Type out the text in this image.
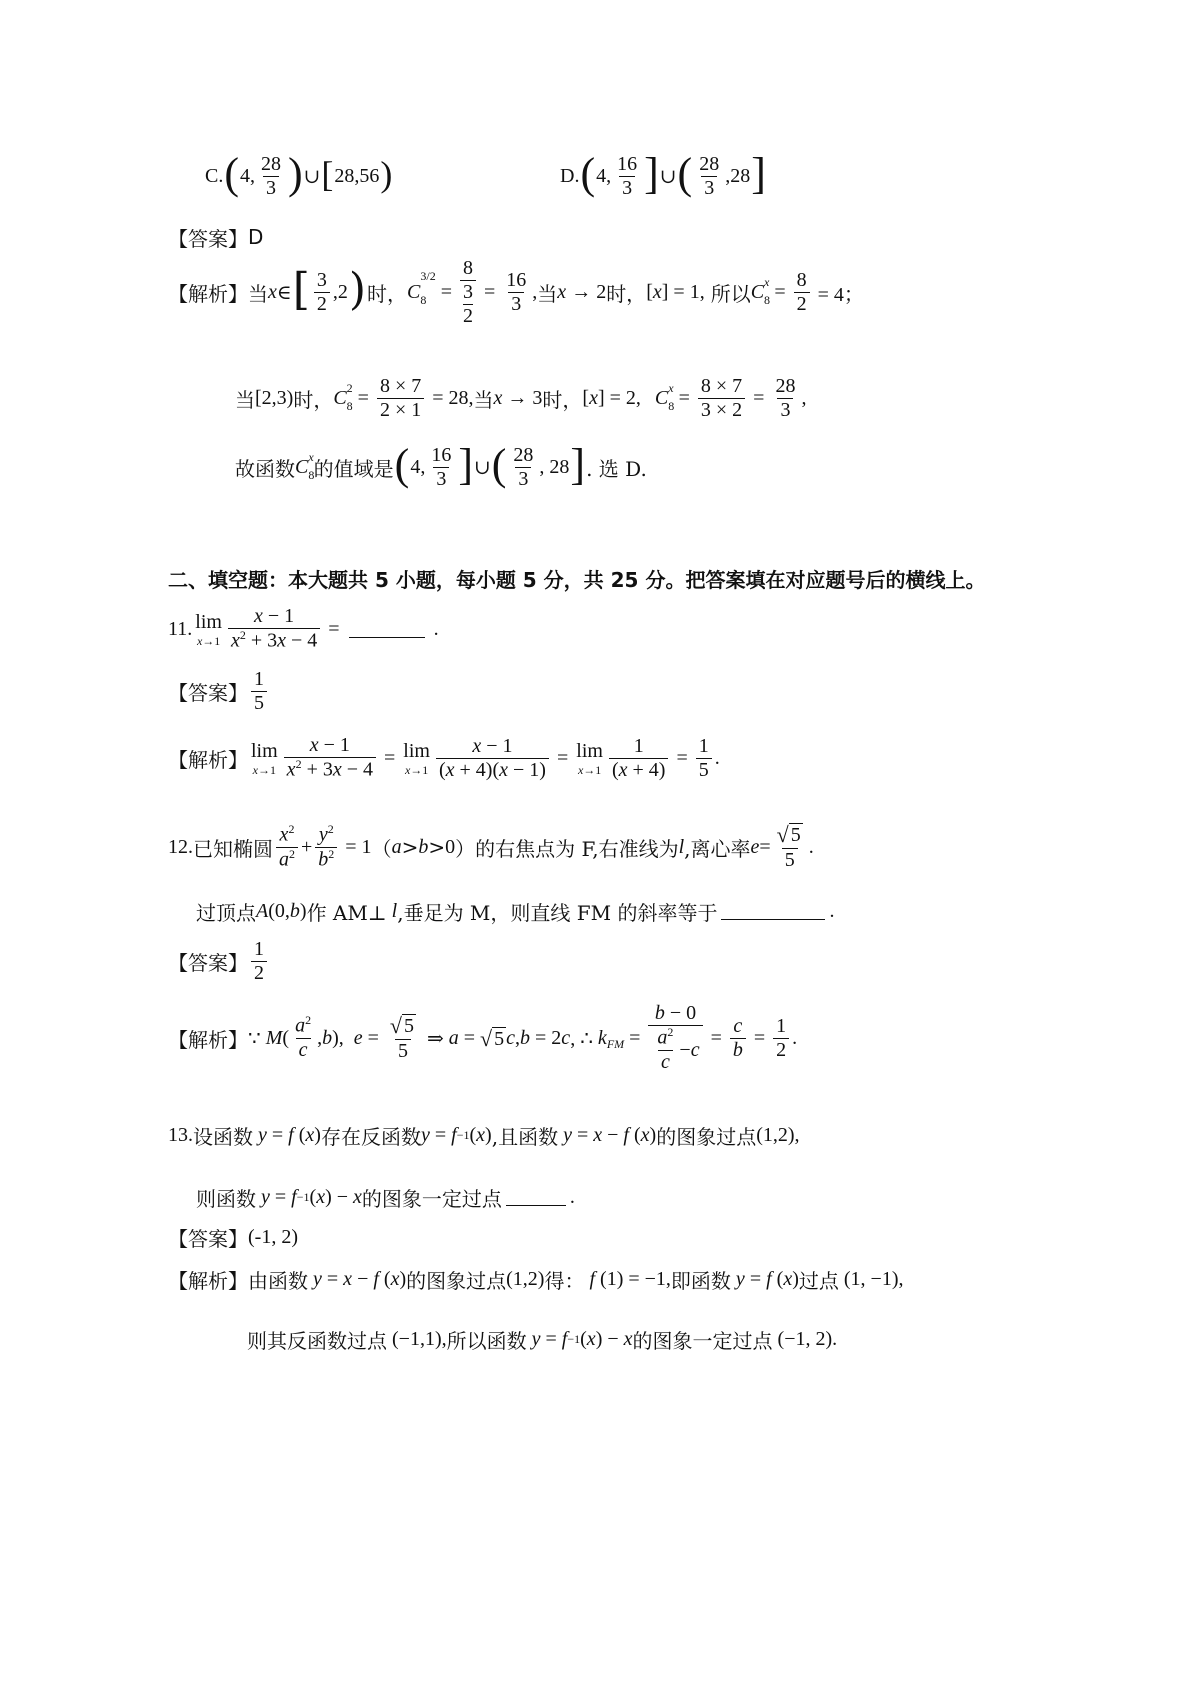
C. ( 4, $\frac{28}{3}$ ) ∪ [ 28,56 )	D. ( 4, $\frac{16}{3}$ ] ∪ ( $\frac{28}{3} ,28$ ]
【答案】 D
【解析】 当 x ∈ [ $\frac{3}{2} ,2$ ) 时， C 8
3/2
= 8
3
$2 = \frac{16}{3}$ , 当 x → 2 时， [ x ] = 1, 所以 C 8
$x = \frac{8}{2} = 4$；
当 [2,3) 时， C 8
$2 = \frac{8 \times 7}{2 \times 1} = 28$, 当 x → 3 时， [ x ] = 2, C 8
$x = \frac{8 \times 7}{3 \times 2} = \frac{28}{3}$ ,
故函数 C 8
x 的值域是 ( 4, $\frac{16}{3}$ ] ∪ ( $\frac{28}{3}$ , 28 ] . 选 D.
二、填空题：本大题共 5 小题，每小题 5 分，共 25 分。把答案填在对应题号后的横线上。
11. lim
$x\to 1 \frac{x - 1}{x^2 + 3x - 4}$ =	.
【答案】 $\frac{1}{5}$
【解析】 lim
$x\to 1 \frac{x - 1}{x^2 + 3x - 4} = \lim$
$x\to 1 \frac{x - 1}{(x + 4)(x - 1)} = \lim$
$x\to 1 \frac{1}{(x + 4)} = \frac{1}{5}$ .
12. 已知椭圆 $\frac{x^2}{a^2} + \frac{y^2}{b^2} = 1$ （ a > b > 0 ）的右焦点为 F,右准线为 l ,离心率 $e = \frac{√ 5}{5}$ .
过顶点 A (0, b ) 作 AM⊥ l ,垂足为 M，则直线 FM 的斜率等于	.
【答案】 $\frac{1}{2}$
【解析】 ∵ M ( $\frac{a^2}{c}$ , b ), $e = \frac{√ 5}{5}$ ⇒ a = √ 5 c , b = 2 c , ∴ k FM = $\frac{b - 0}{\frac{a^2}{c} - c} = \frac{c}{b} = \frac{1}{2}$ .
13. 设函数 y = f ( x ) 存在反函数 y = f −1 ( x ) ,且函数 y = x − f ( x ) 的图象过点 (1,2),
则函数 y = f −1 ( x ) − x 的图象一定过点	.
【答案】 (-1, 2)
【解析】 由函数 y = x − f ( x ) 的图象过点 (1,2) 得： f (1) = −1, 即函数 y = f ( x ) 过点 (1, −1),
则其反函数过点 (−1,1), 所以函数 y = f −1 ( x ) − x 的图象一定过点 (−1, 2).
